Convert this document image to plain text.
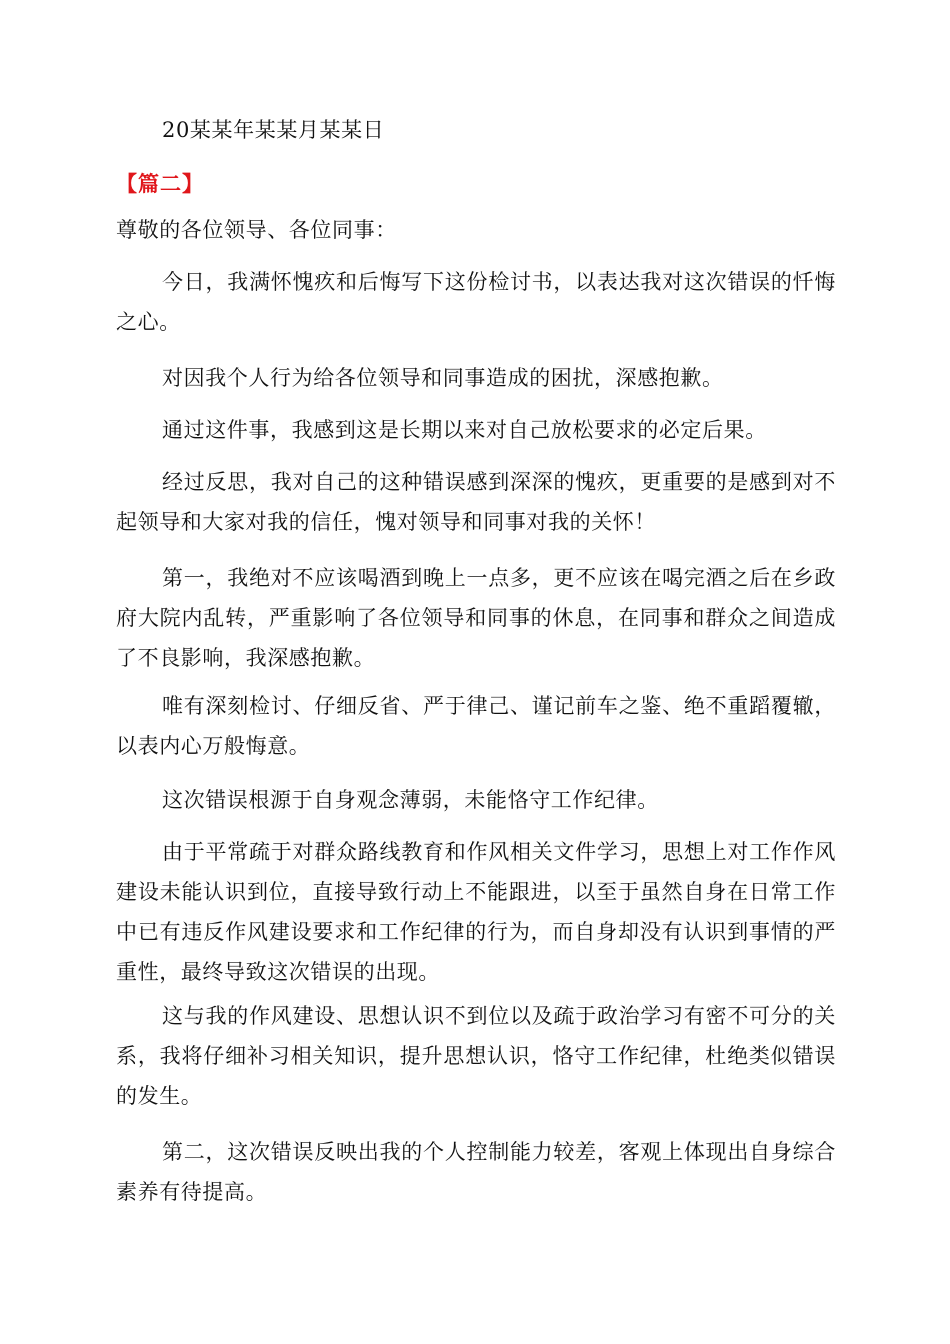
20某某年某某月某某日
【篇二】
尊敬的各位领导、各位同事：

今日，我满怀愧疚和后悔写下这份检讨书，以表达我对这次错误的忏悔之心。

对因我个人行为给各位领导和同事造成的困扰，深感抱歉。

通过这件事，我感到这是长期以来对自己放松要求的必定后果。

经过反思，我对自己的这种错误感到深深的愧疚，更重要的是感到对不起领导和大家对我的信任，愧对领导和同事对我的关怀！

第一，我绝对不应该喝酒到晚上一点多，更不应该在喝完酒之后在乡政府大院内乱转，严重影响了各位领导和同事的休息，在同事和群众之间造成了不良影响，我深感抱歉。

唯有深刻检讨、仔细反省、严于律己、谨记前车之鉴、绝不重蹈覆辙，以表内心万般悔意。

这次错误根源于自身观念薄弱，未能恪守工作纪律。

由于平常疏于对群众路线教育和作风相关文件学习，思想上对工作作风建设未能认识到位，直接导致行动上不能跟进，以至于虽然自身在日常工作中已有违反作风建设要求和工作纪律的行为，而自身却没有认识到事情的严重性，最终导致这次错误的出现。

这与我的作风建设、思想认识不到位以及疏于政治学习有密不可分的关系，我将仔细补习相关知识，提升思想认识，恪守工作纪律，杜绝类似错误的发生。

第二，这次错误反映出我的个人控制能力较差，客观上体现出自身综合素养有待提高。
